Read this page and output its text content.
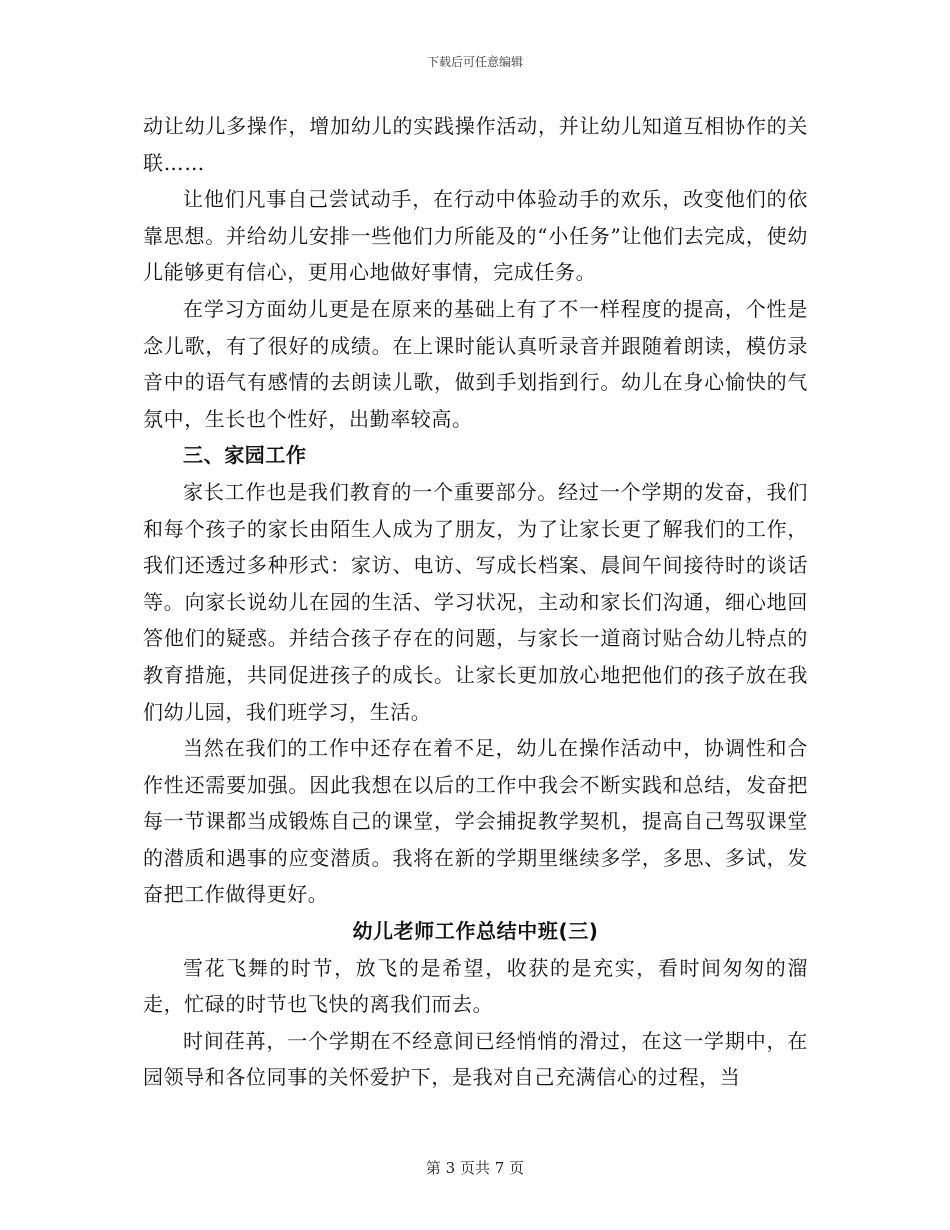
下载后可任意编辑

动让幼儿多操作，增加幼儿的实践操作活动，并让幼儿知道互相协作的关联……

让他们凡事自己尝试动手，在行动中体验动手的欢乐，改变他们的依靠思想。并给幼儿安排一些他们力所能及的“小任务”让他们去完成，使幼儿能够更有信心，更用心地做好事情，完成任务。

在学习方面幼儿更是在原来的基础上有了不一样程度的提高，个性是念儿歌，有了很好的成绩。在上课时能认真听录音并跟随着朗读，模仿录音中的语气有感情的去朗读儿歌，做到手划指到行。幼儿在身心愉快的气氛中，生长也个性好，出勤率较高。

三、家园工作

家长工作也是我们教育的一个重要部分。经过一个学期的发奋，我们和每个孩子的家长由陌生人成为了朋友，为了让家长更了解我们的工作，我们还透过多种形式：家访、电访、写成长档案、晨间午间接待时的谈话等。向家长说幼儿在园的生活、学习状况，主动和家长们沟通，细心地回答他们的疑惑。并结合孩子存在的问题，与家长一道商讨贴合幼儿特点的教育措施，共同促进孩子的成长。让家长更加放心地把他们的孩子放在我们幼儿园，我们班学习，生活。

当然在我们的工作中还存在着不足，幼儿在操作活动中，协调性和合作性还需要加强。因此我想在以后的工作中我会不断实践和总结，发奋把每一节课都当成锻炼自己的课堂，学会捕捉教学契机，提高自己驾驭课堂的潜质和遇事的应变潜质。我将在新的学期里继续多学，多思、多试，发奋把工作做得更好。

幼儿老师工作总结中班(三)

雪花飞舞的时节，放飞的是希望，收获的是充实，看时间匆匆的溜走，忙碌的时节也飞快的离我们而去。

时间荏苒，一个学期在不经意间已经悄悄的滑过，在这一学期中，在园领导和各位同事的关怀爱护下，是我对自己充满信心的过程，当

第 3 页共 7 页
